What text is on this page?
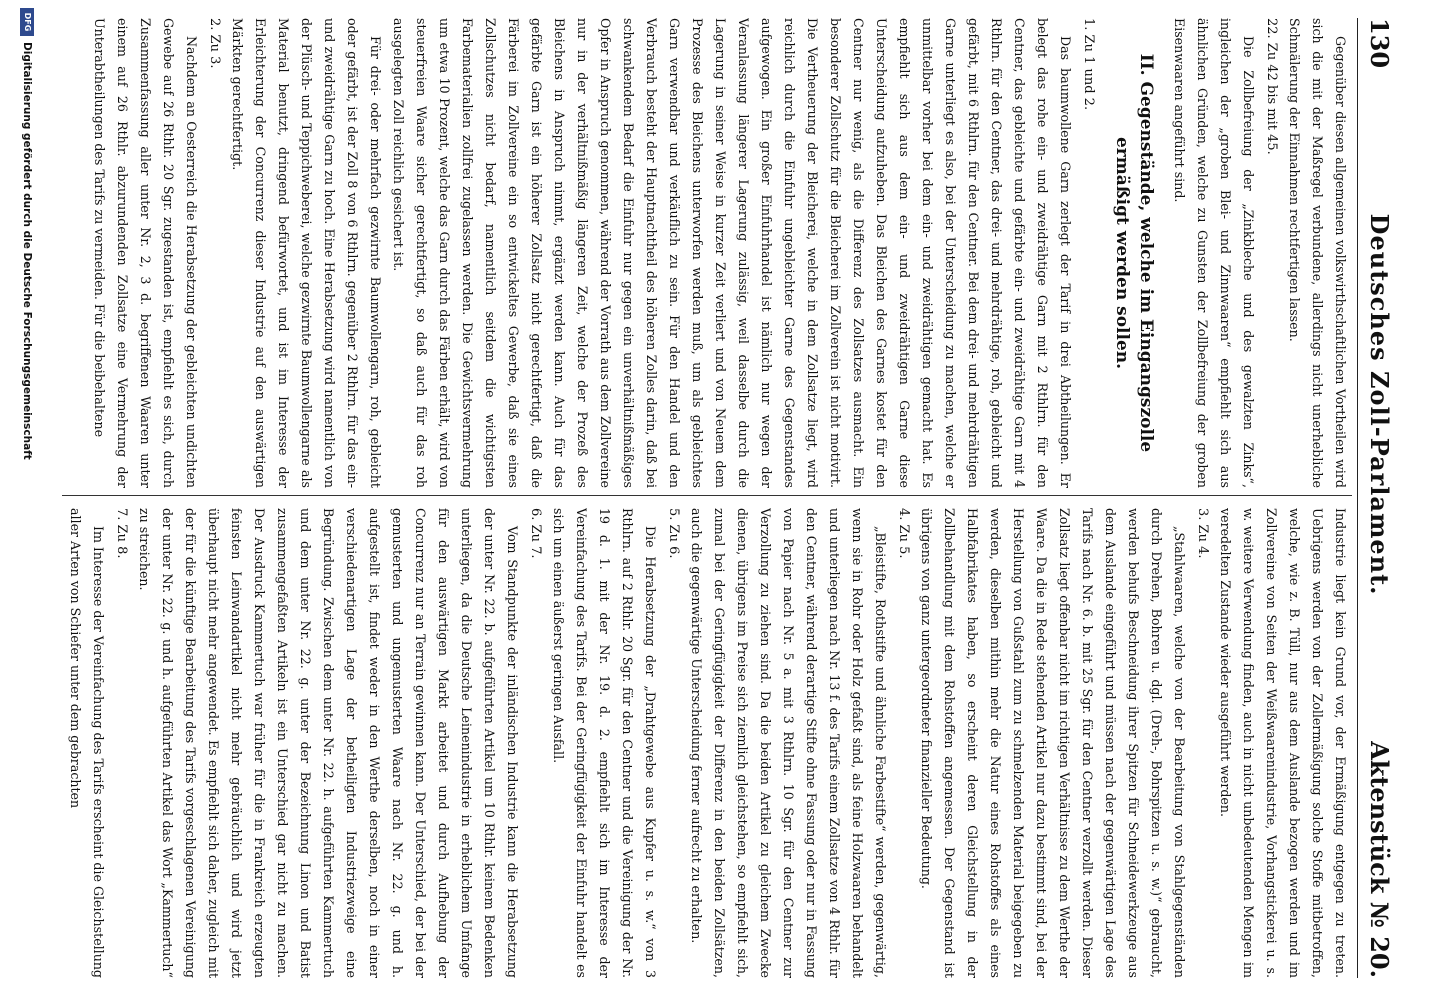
130
Deutsches Zoll-Parlament.
Aktenstück № 20.

Gegenüber diesen allgemeinen volkswirthschaftlichen Vortheilen wird sich die mit der Maßregel verbundene, allerdings nicht unerhebliche Schmälerung der Einnahmen rechtfertigen lassen.

22. Zu 42 bis mit 45.

Die Zollbefreiung der „Zinkbleche und des gewalzten Zinks“, ingleichen der „groben Blei- und Zinnwaaren“ empfiehlt sich aus ähnlichen Gründen, welche zu Gunsten der Zollbefreiung der groben Eisenwaaren angeführt sind.

II. Gegenstände, welche im Eingangszolle ermäßigt werden sollen.

1. Zu 1 und 2.

Das baumwollene Garn zerlegt der Tarif in drei Abtheilungen. Er belegt das rohe ein- und zweidrähtige Garn mit 2 Rthlrn. für den Centner, das gebleichte und gefärbte ein- und zweidrähtige Garn mit 4 Rthlrn. für den Centner, das drei- und mehrdrähtige, roh, gebleicht und gefärbt, mit 6 Rthlrn. für den Centner. Bei dem drei- und mehrdrähtigen Garne unterliegt es also, bei der Unterscheidung zu machen, welche er unmittelbar vorher bei dem ein- und zweidrähtigen gemacht hat. Es empfiehlt sich aus dem ein- und zweidrähtigen Garne diese Unterscheidung aufzuheben. Das Bleichen des Garnes kostet für den Centner nur wenig, als die Differenz des Zollsatzes ausmacht. Ein besonderer Zollschutz für die Bleicherei im Zollverein ist nicht motivirt. Die Vertheuerung der Bleicherei, welche in dem Zollsatze liegt, wird reichlich durch die Einfuhr ungebleichter Garne des Gegenstandes aufgewogen. Ein großer Einfuhrhandel ist nämlich nur wegen der Veranlassung längerer Lagerung zulässig, weil dasselbe durch die Lagerung in seiner Weise in kurzer Zeit verliert und von Neuem dem Prozesse des Bleichens unterworfen werden muß, um als gebleichtes Garn verwendbar und verkäuflich zu sein. Für den Handel und den Verbrauch besteht der Hauptnachtheil des höheren Zolles darin, daß bei schwankendem Bedarf die Einfuhr nur gegen ein unverhältnißmäßiges Opfer in Anspruch genommen, während der Vorrath aus dem Zollvereine nur in der verhältnißmäßig längeren Zeit, welche der Prozeß des Bleichens in Anspruch nimmt, ergänzt werden kann. Auch für das gefärbte Garn ist ein höherer Zollsatz nicht gerechtfertigt, daß die Färberei im Zollvereine ein so entwickeltes Gewerbe, daß sie eines Zollschutzes nicht bedarf, namentlich seitdem die wichtigsten Farbematerialien zollfrei zugelassen werden. Die Gewichtsvermehrung um etwa 10 Prozent, welche das Garn durch das Färben erhält, wird von steuerfreien Waare sicher gerechtfertigt, so daß auch für das roh ausgelegten Zoll reichlich gesichert ist.

Für drei- oder mehrfach gezwirnte Baumwollengarn, roh, gebleicht oder gefärbt, ist der Zoll 8 von 6 Rthlrn. gegenüber 2 Rthlrn. für das ein- und zweidrähtige Garn zu hoch. Eine Herabsetzung wird namentlich von der Plüsch- und Teppichweberei, welche gezwirnte Baumwollengarne als Material benutzt, dringend befürwortet, und ist im Interesse der Erleichterung der Concurrenz dieser Industrie auf den auswärtigen Märkten gerechtfertigt.

2. Zu 3.

Nachdem an Oesterreich die Herabsetzung der gebleichten undichten Gewebe auf 26 Rthlr. 20 Sgr. zugestanden ist, empfiehlt es sich, durch Zusammenfassung aller unter Nr. 2, 3 d. begriffenen Waaren unter einem auf 26 Rthlr. abzurundenden Zollsatze eine Vermehrung der Unterabtheilungen des Tarifs zu vermeiden. Für die beibehaltene

Industrie liegt kein Grund vor, der Ermäßigung entgegen zu treten. Uebrigens werden von der Zollermäßigung solche Stoffe mitbetroffen, welche, wie z. B. Tüll, nur aus dem Auslande bezogen werden und im Zollvereine von Seiten der Weißwaarenindustrie, Vorhangstickerei u. s. w. weitere Verwendung finden, auch in nicht unbedeutenden Mengen im veredelten Zustande wieder ausgeführt werden.

3. Zu 4.

„Stahlwaaren, welche von der Bearbeitung von Stahlgegenständen durch Drehen, Bohren u. dgl. (Dreh-, Bohrspitzen u. s. w.)“ gebraucht, werden behufs Beschneidung ihrer Spitzen für Schneidewerkzeuge aus dem Auslande eingeführt und müssen nach der gegenwärtigen Lage des Tarifs nach Nr. 6. b. mit 25 Sgr. für den Centner verzollt werden. Dieser Zollsatz liegt offenbar nicht im richtigen Verhältnisse zu dem Werthe der Waare. Da die in Rede stehenden Artikel nur dazu bestimmt sind, bei der Herstellung von Gußstahl zum zu schmelzenden Material beigegeben zu werden, dieselben mithin mehr die Natur eines Rohstoffes als eines Halbfabrikates haben, so erscheint deren Gleichstellung in der Zollbehandlung mit dem Rohstoffen angemessen. Der Gegenstand ist übrigens von ganz untergeordneter finanzieller Bedeutung.

4. Zu 5.

„Bleistifte, Rothstifte und ähnliche Farbestifte“ werden, gegenwärtig, wenn sie in Rohr oder Holz gefaßt sind, als feine Holzwaaren behandelt und unterliegen nach Nr. 13 f. des Tarifs einem Zollsatze von 4 Rthlr. für den Centner, während derartige Stifte ohne Fassung oder nur in Fassung von Papier nach Nr. 5 a. mit 3 Rthlrn. 10 Sgr. für den Centner zur Verzollung zu ziehen sind. Da die beiden Artikel zu gleichem Zwecke dienen, übrigens im Preise sich ziemlich gleichstehen, so empfiehlt sich, zumal bei der Geringfügigkeit der Differenz in den beiden Zollsätzen, auch die gegenwärtige Unterscheidung ferner aufrecht zu erhalten.

5. Zu 6.

Die Herabsetzung der „Drahtgewebe aus Kupfer u. s. w.“ von 3 Rthlrn. auf 2 Rthlr. 20 Sgr. für den Centner und die Vereinigung der Nr. 19 d. 1. mit der Nr. 19. d. 2. empfiehlt sich im Interesse der Vereinfachung des Tarifs. Bei der Geringfügigkeit der Einfuhr handelt es sich um einen äußerst geringen Ausfall.

6. Zu 7.

Vom Standpunkte der inländischen Industrie kann die Herabsetzung der unter Nr. 22. b. aufgeführten Artikel um 10 Rthlr. keinem Bedenken unterliegen, da die Deutsche Leinenindustrie in erheblichem Umfange für den auswärtigen Markt arbeitet und durch Aufhebung der Concurrenz nur an Terrain gewinnen kann. Der Unterschied, der bei der gemusterten und ungemusterten Waare nach Nr. 22. g. und h. aufgestellt ist, findet weder in den Werthe derselben, noch in einer verschiedenartigen Lage der betheiligten Industriezweige eine Begründung. Zwischen dem unter Nr. 22. h. aufgeführten Kammertuch und dem unter Nr. 22. g. unter der Bezeichnung Linon und Batist zusammengefaßten Artikeln ist ein Unterschied gar nicht zu machen. Der Ausdruck Kammertuch war früher für die in Frankreich erzeugten feinsten Leinwandartikel nicht mehr gebräuchlich und wird jetzt überhaupt nicht mehr angewendet. Es empfiehlt sich daher, zugleich mit der für die künftige Bearbeitung des Tarifs vorgeschlagenen Vereinigung der unter Nr. 22. g. und h. aufgeführten Artikel das Wort „Kammertuch“ zu streichen.

7. Zu 8.

Im Interesse der Vereinfachung des Tarifs erscheint die Gleichstellung aller Arten von Schiefer unter dem gebrachten

DFG
Digitalisierung gefördert durch die Deutsche Forschungsgemeinschaft
